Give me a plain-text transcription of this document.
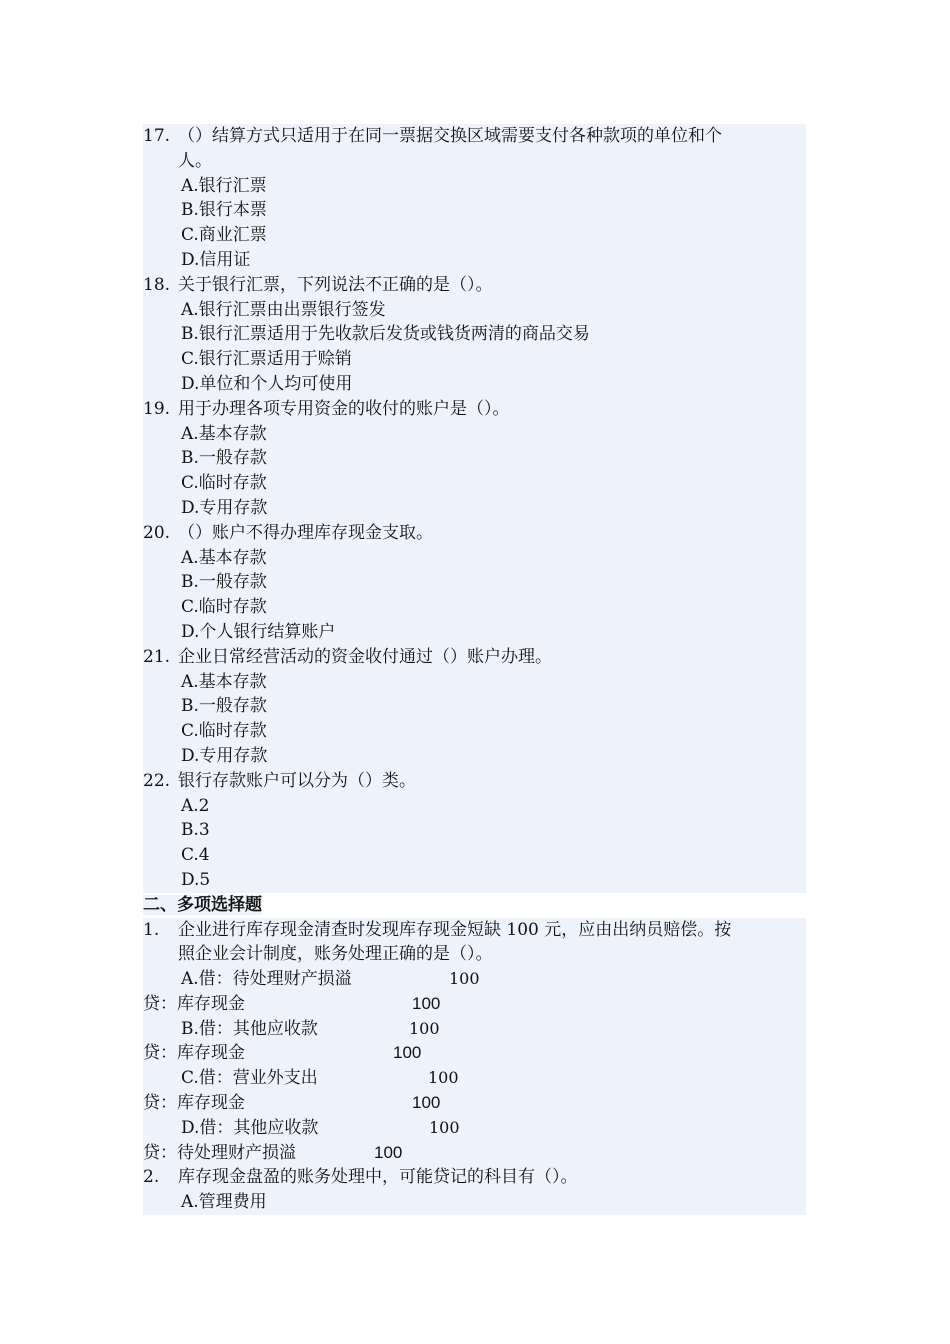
17. （）结算方式只适用于在同一票据交换区域需要支付各种款项的单位和个
人。
A.银行汇票
B.银行本票
C.商业汇票
D.信用证
18. 关于银行汇票，下列说法不正确的是（）。
A.银行汇票由出票银行签发
B.银行汇票适用于先收款后发货或钱货两清的商品交易
C.银行汇票适用于赊销
D.单位和个人均可使用
19. 用于办理各项专用资金的收付的账户是（）。
A.基本存款
B.一般存款
C.临时存款
D.专用存款
20. （）账户不得办理库存现金支取。
A.基本存款
B.一般存款
C.临时存款
D.个人银行结算账户
21. 企业日常经营活动的资金收付通过（）账户办理。
A.基本存款
B.一般存款
C.临时存款
D.专用存款
22. 银行存款账户可以分为（）类。
A.2
B.3
C.4
D.5
二、多项选择题
1. 企业进行库存现金清查时发现库存现金短缺 100 元，应由出纳员赔偿。按
照企业会计制度，账务处理正确的是（）。
A.借：待处理财产损溢	100
贷：库存现金	100
B.借：其他应收款	100
贷：库存现金	100
C.借：营业外支出	100
贷：库存现金	100
D.借：其他应收款	100
贷：待处理财产损溢	100
2. 库存现金盘盈的账务处理中，可能贷记的科目有（）。
A.管理费用
